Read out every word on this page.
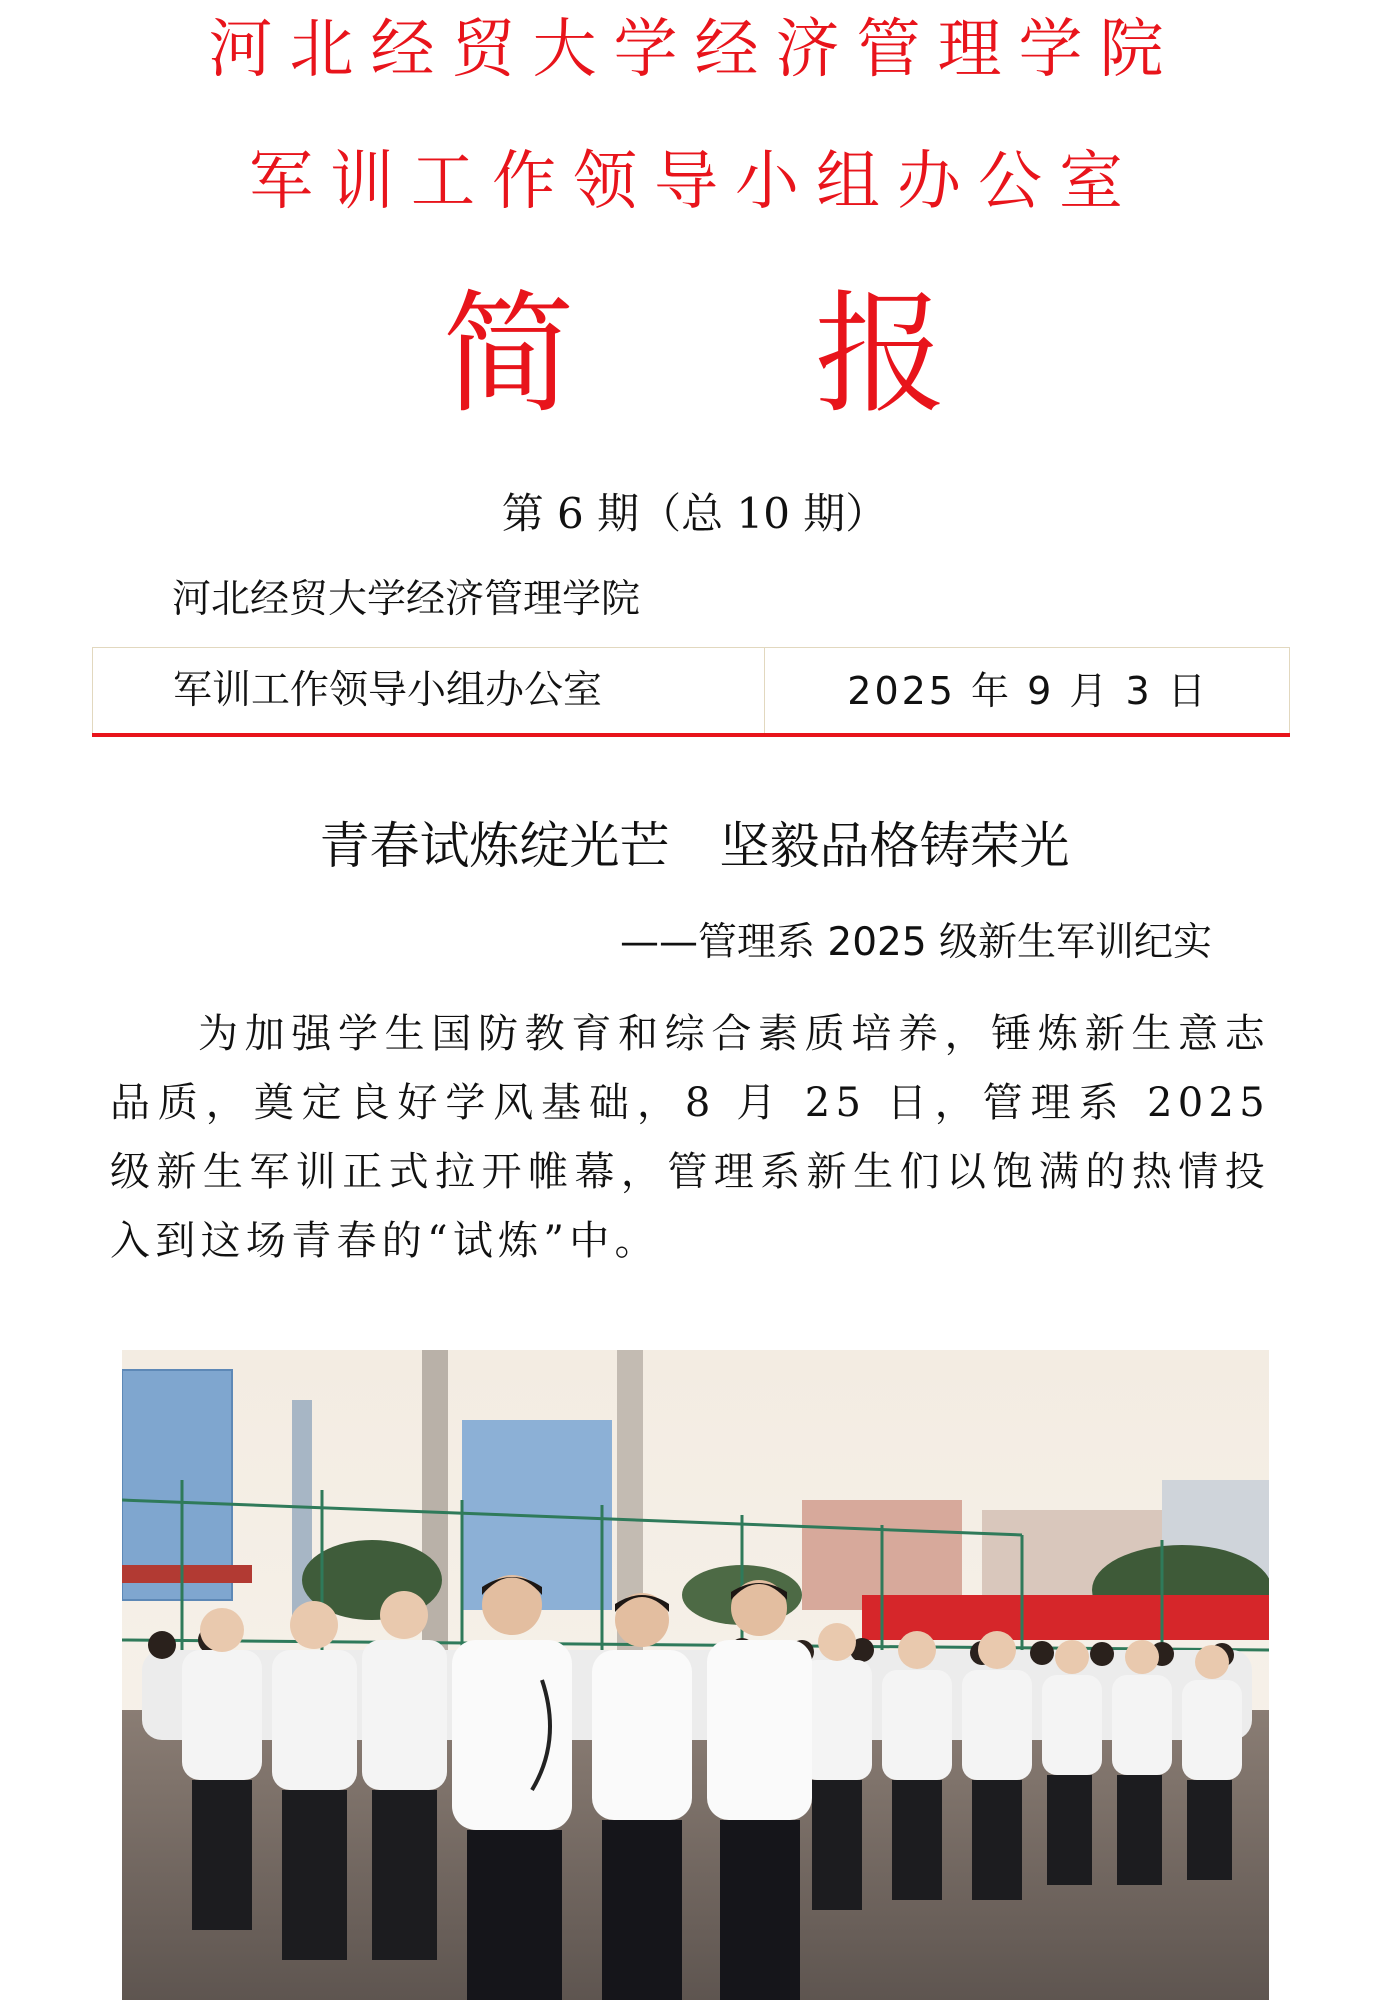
河北经贸大学经济管理学院
军训工作领导小组办公室
简 报
第 6 期（总 10 期）
河北经贸大学经济管理学院
军训工作领导小组办公室	2025 年 9 月 3 日
青春试炼绽光芒　坚毅品格铸荣光
——管理系 2025 级新生军训纪实
为加强学生国防教育和综合素质培养，锤炼新生意志品质，奠定良好学风基础，8 月 25 日，管理系 2025 级新生军训正式拉开帷幕，管理系新生们以饱满的热情投入到这场青春的“试炼”中。
